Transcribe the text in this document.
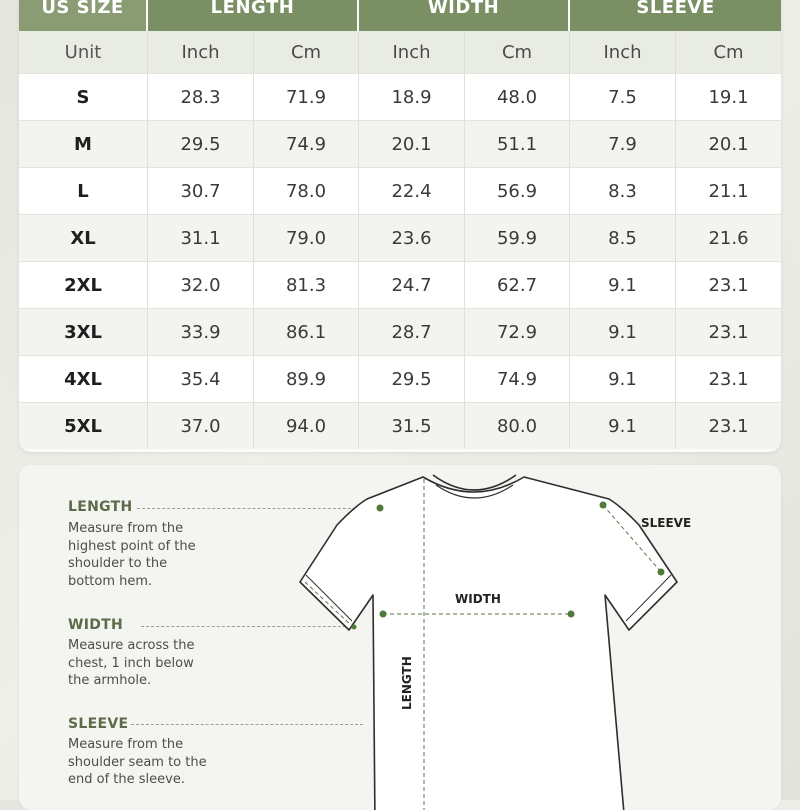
US SIZE	LENGTH	WIDTH	SLEEVE
Unit	Inch	Cm	Inch	Cm	Inch	Cm
S	28.3	71.9	18.9	48.0	7.5	19.1
M	29.5	74.9	20.1	51.1	7.9	20.1
L	30.7	78.0	22.4	56.9	8.3	21.1
XL	31.1	79.0	23.6	59.9	8.5	21.6
2XL	32.0	81.3	24.7	62.7	9.1	23.1
3XL	33.9	86.1	28.7	72.9	9.1	23.1
4XL	35.4	89.9	29.5	74.9	9.1	23.1
5XL	37.0	94.0	31.5	80.0	9.1	23.1
LENGTH
Measure from the highest point of the shoulder to the bottom hem.
WIDTH
Measure across the chest, 1 inch below the armhole.
SLEEVE
Measure from the shoulder seam to the end of the sleeve.
WIDTH
LENGTH
SLEEVE
